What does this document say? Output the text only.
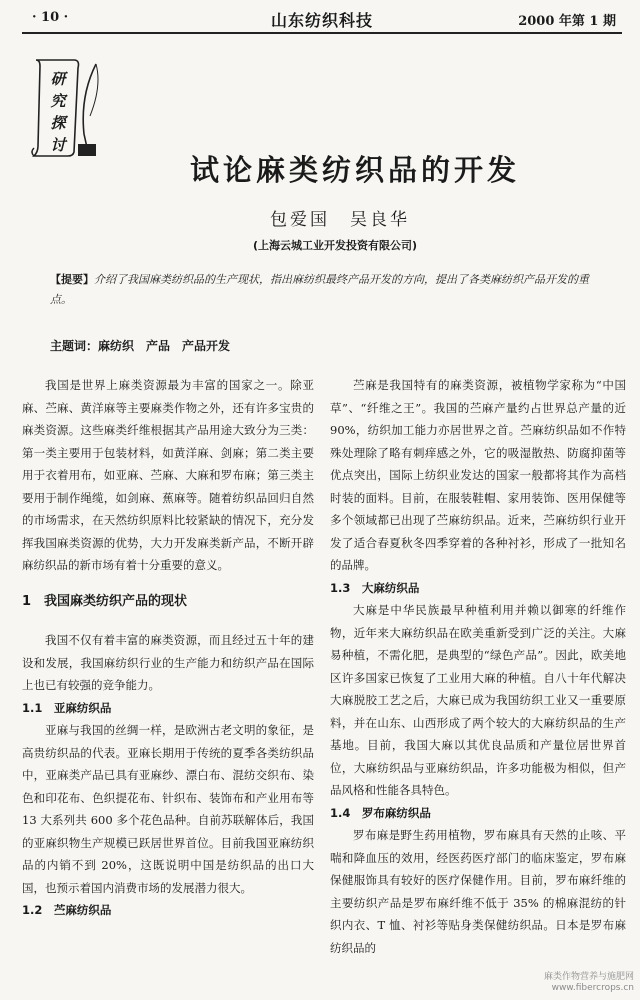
· 10 ·	山东纺织科技	2000 年第 1 期
研
究
探
讨
试论麻类纺织品的开发
包爱国　吴良华
(上海云城工业开发投资有限公司)
【提要】介绍了我国麻类纺织品的生产现状，指出麻纺织最终产品开发的方向，提出了各类麻纺织产品开发的重点。
主题词：麻纺织 产品 产品开发

我国是世界上麻类资源最为丰富的国家之一。除亚麻、苎麻、黄洋麻等主要麻类作物之外，还有许多宝贵的麻类资源。这些麻类纤维根据其产品用途大致分为三类：第一类主要用于包装材料，如黄洋麻、剑麻；第二类主要用于衣着用布，如亚麻、苎麻、大麻和罗布麻；第三类主要用于制作绳缆，如剑麻、蕉麻等。随着纺织品回归自然的市场需求，在天然纺织原料比较紧缺的情况下，充分发挥我国麻类资源的优势，大力开发麻类新产品，不断开辟麻纺织品的新市场有着十分重要的意义。

1　我国麻类纺织产品的现状

我国不仅有着丰富的麻类资源，而且经过五十年的建设和发展，我国麻纺织行业的生产能力和纺织产品在国际上也已有较强的竞争能力。

1.1　亚麻纺织品

亚麻与我国的丝绸一样，是欧洲古老文明的象征，是高贵纺织品的代表。亚麻长期用于传统的夏季各类纺织品中，亚麻类产品已具有亚麻纱、漂白布、混纺交织布、染色和印花布、色织提花布、针织布、装饰布和产业用布等 13 大系列共 600 多个花色品种。自前苏联解体后，我国的亚麻织物生产规模已跃居世界首位。目前我国亚麻纺织品的内销不到 20%，这既说明中国是纺织品的出口大国，也预示着国内消费市场的发展潜力很大。

1.2　苎麻纺织品

苎麻是我国特有的麻类资源，被植物学家称为“中国草”、“纤维之王”。我国的苎麻产量约占世界总产量的近 90%，纺织加工能力亦居世界之首。苎麻纺织品如不作特殊处理除了略有刺痒感之外，它的吸湿散热、防腐抑菌等优点突出，国际上纺织业发达的国家一般都将其作为高档时装的面料。目前，在服装鞋帽、家用装饰、医用保健等多个领域都已出现了苎麻纺织品。近来，苎麻纺织行业开发了适合春夏秋冬四季穿着的各种衬衫，形成了一批知名的品牌。

1.3　大麻纺织品

大麻是中华民族最早种植利用并赖以御寒的纤维作物，近年来大麻纺织品在欧美重新受到广泛的关注。大麻易种植，不需化肥，是典型的“绿色产品”。因此，欧美地区许多国家已恢复了工业用大麻的种植。自八十年代解决大麻脱胶工艺之后，大麻已成为我国纺织工业又一重要原料，并在山东、山西形成了两个较大的大麻纺织品的生产基地。目前，我国大麻以其优良品质和产量位居世界首位，大麻纺织品与亚麻纺织品，许多功能极为相似，但产品风格和性能各具特色。

1.4　罗布麻纺织品

罗布麻是野生药用植物，罗布麻具有天然的止咳、平喘和降血压的效用，经医药医疗部门的临床鉴定，罗布麻保健服饰具有较好的医疗保健作用。目前，罗布麻纤维的主要纺织产品是罗布麻纤维不低于 35% 的棉麻混纺的针织内衣、T 恤、衬衫等贴身类保健纺织品。日本是罗布麻纺织品的

麻类作物营养与施肥网
www.fibercrops.cn
